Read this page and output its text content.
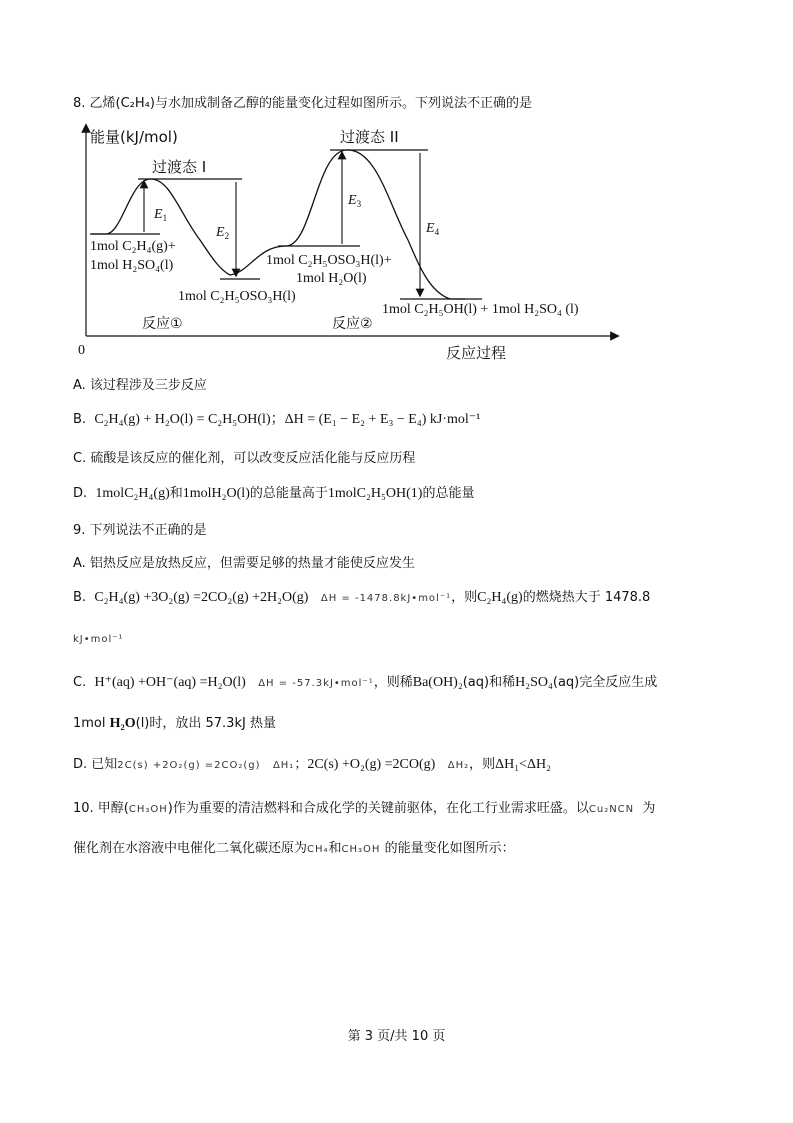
8. 乙烯(C₂H₄)与水加成制备乙醇的能量变化过程如图所示。下列说法不正确的是
能量(kJ/mol)
反应过程
0
过渡态 I
过渡态 II
$E_1$
$E_2$
$E_3$
$E_4$
1mol C₂H₄(g)+
1mol H₂SO₄(l)
1mol C₂H₅OSO₃H(l)
1mol C₂H₅OSO₃H(l)+
1mol H₂O(l)
1mol C₂H₅OH(l) + 1mol H₂SO₄ (l)
反应①	反应②
A. 该过程涉及三步反应
B. C₂H₄(g) + H₂O(l) = C₂H₅OH(l)；ΔH = (E₁ − E₂ + E₃ − E₄) kJ·mol⁻¹
C. 硫酸是该反应的催化剂，可以改变反应活化能与反应历程
D. 1molC₂H₄(g)和1molH₂O(l)的总能量高于1molC₂H₅OH(1)的总能量
9. 下列说法不正确的是
A. 铝热反应是放热反应，但需要足够的热量才能使反应发生
B. C₂H₄(g) +3O₂(g) =2CO₂(g) +2H₂O(g) ΔH = -1478.8kJ•mol⁻¹，则C₂H₄(g)的燃烧热大于 1478.8
kJ•mol⁻¹
C. H⁺(aq) +OH⁻(aq) =H₂O(l) ΔH = -57.3kJ•mol⁻¹，则稀Ba(OH)₂(aq)和稀H₂SO₄(aq)完全反应生成
1mol H₂O(l)时，放出 57.3kJ 热量
D. 已知2C(s) +2O₂(g) =2CO₂(g) ΔH₁；2C(s) +O₂(g) =2CO(g) ΔH₂，则ΔH₁<ΔH₂
10. 甲醇(CH₃OH)作为重要的清洁燃料和合成化学的关键前驱体，在化工行业需求旺盛。以Cu₂NCN 为
催化剂在水溶液中电催化二氧化碳还原为CH₄和CH₃OH 的能量变化如图所示：
第 3 页/共 10 页
